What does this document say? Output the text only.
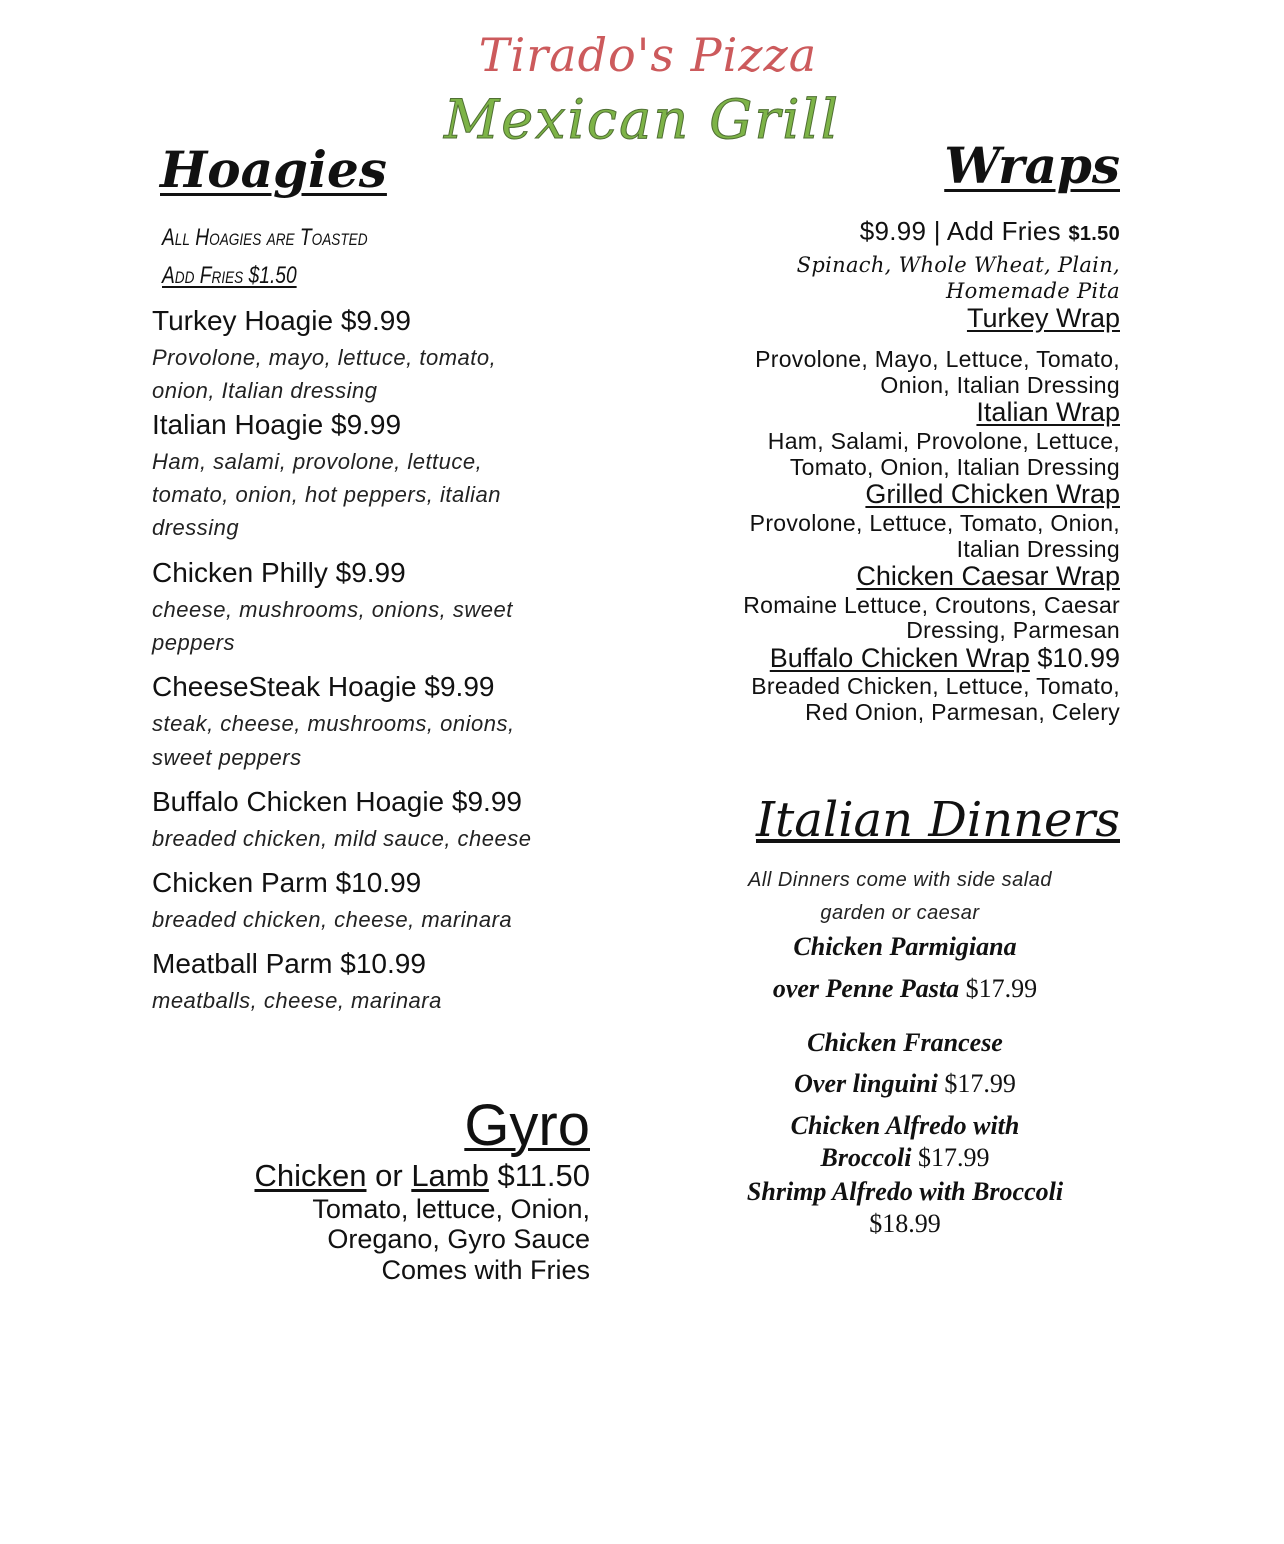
Tirado's Pizza
Mexican Grill
Hoagies
All Hoagies are Toasted
Add Fries $1.50
Turkey Hoagie $9.99
Provolone, mayo, lettuce, tomato,
onion, Italian dressing
Italian Hoagie $9.99
Ham, salami, provolone, lettuce,
tomato, onion, hot peppers, italian
dressing
Chicken Philly $9.99
cheese, mushrooms, onions, sweet
peppers
CheeseSteak Hoagie $9.99
steak, cheese, mushrooms, onions,
sweet peppers
Buffalo Chicken Hoagie $9.99
breaded chicken, mild sauce, cheese
Chicken Parm $10.99
breaded chicken, cheese, marinara
Meatball Parm $10.99
meatballs, cheese, marinara
Wraps
$9.99 | Add Fries $1.50
Spinach, Whole Wheat, Plain,
Homemade Pita
Turkey Wrap
Provolone, Mayo, Lettuce, Tomato,
Onion, Italian Dressing
Italian Wrap
Ham, Salami, Provolone, Lettuce,
Tomato, Onion, Italian Dressing
Grilled Chicken Wrap
Provolone, Lettuce, Tomato, Onion,
Italian Dressing
Chicken Caesar Wrap
Romaine Lettuce, Croutons, Caesar
Dressing, Parmesan
Buffalo Chicken Wrap $10.99
Breaded Chicken, Lettuce, Tomato,
Red Onion, Parmesan, Celery
Italian Dinners
All Dinners come with side salad
garden or caesar
Chicken Parmigiana
over Penne Pasta $17.99
Chicken Francese
Over linguini $17.99
Chicken Alfredo with
Broccoli $17.99
Shrimp Alfredo with Broccoli
$18.99
Gyro
Chicken or Lamb $11.50
Tomato, lettuce, Onion,
Oregano, Gyro Sauce
Comes with Fries
